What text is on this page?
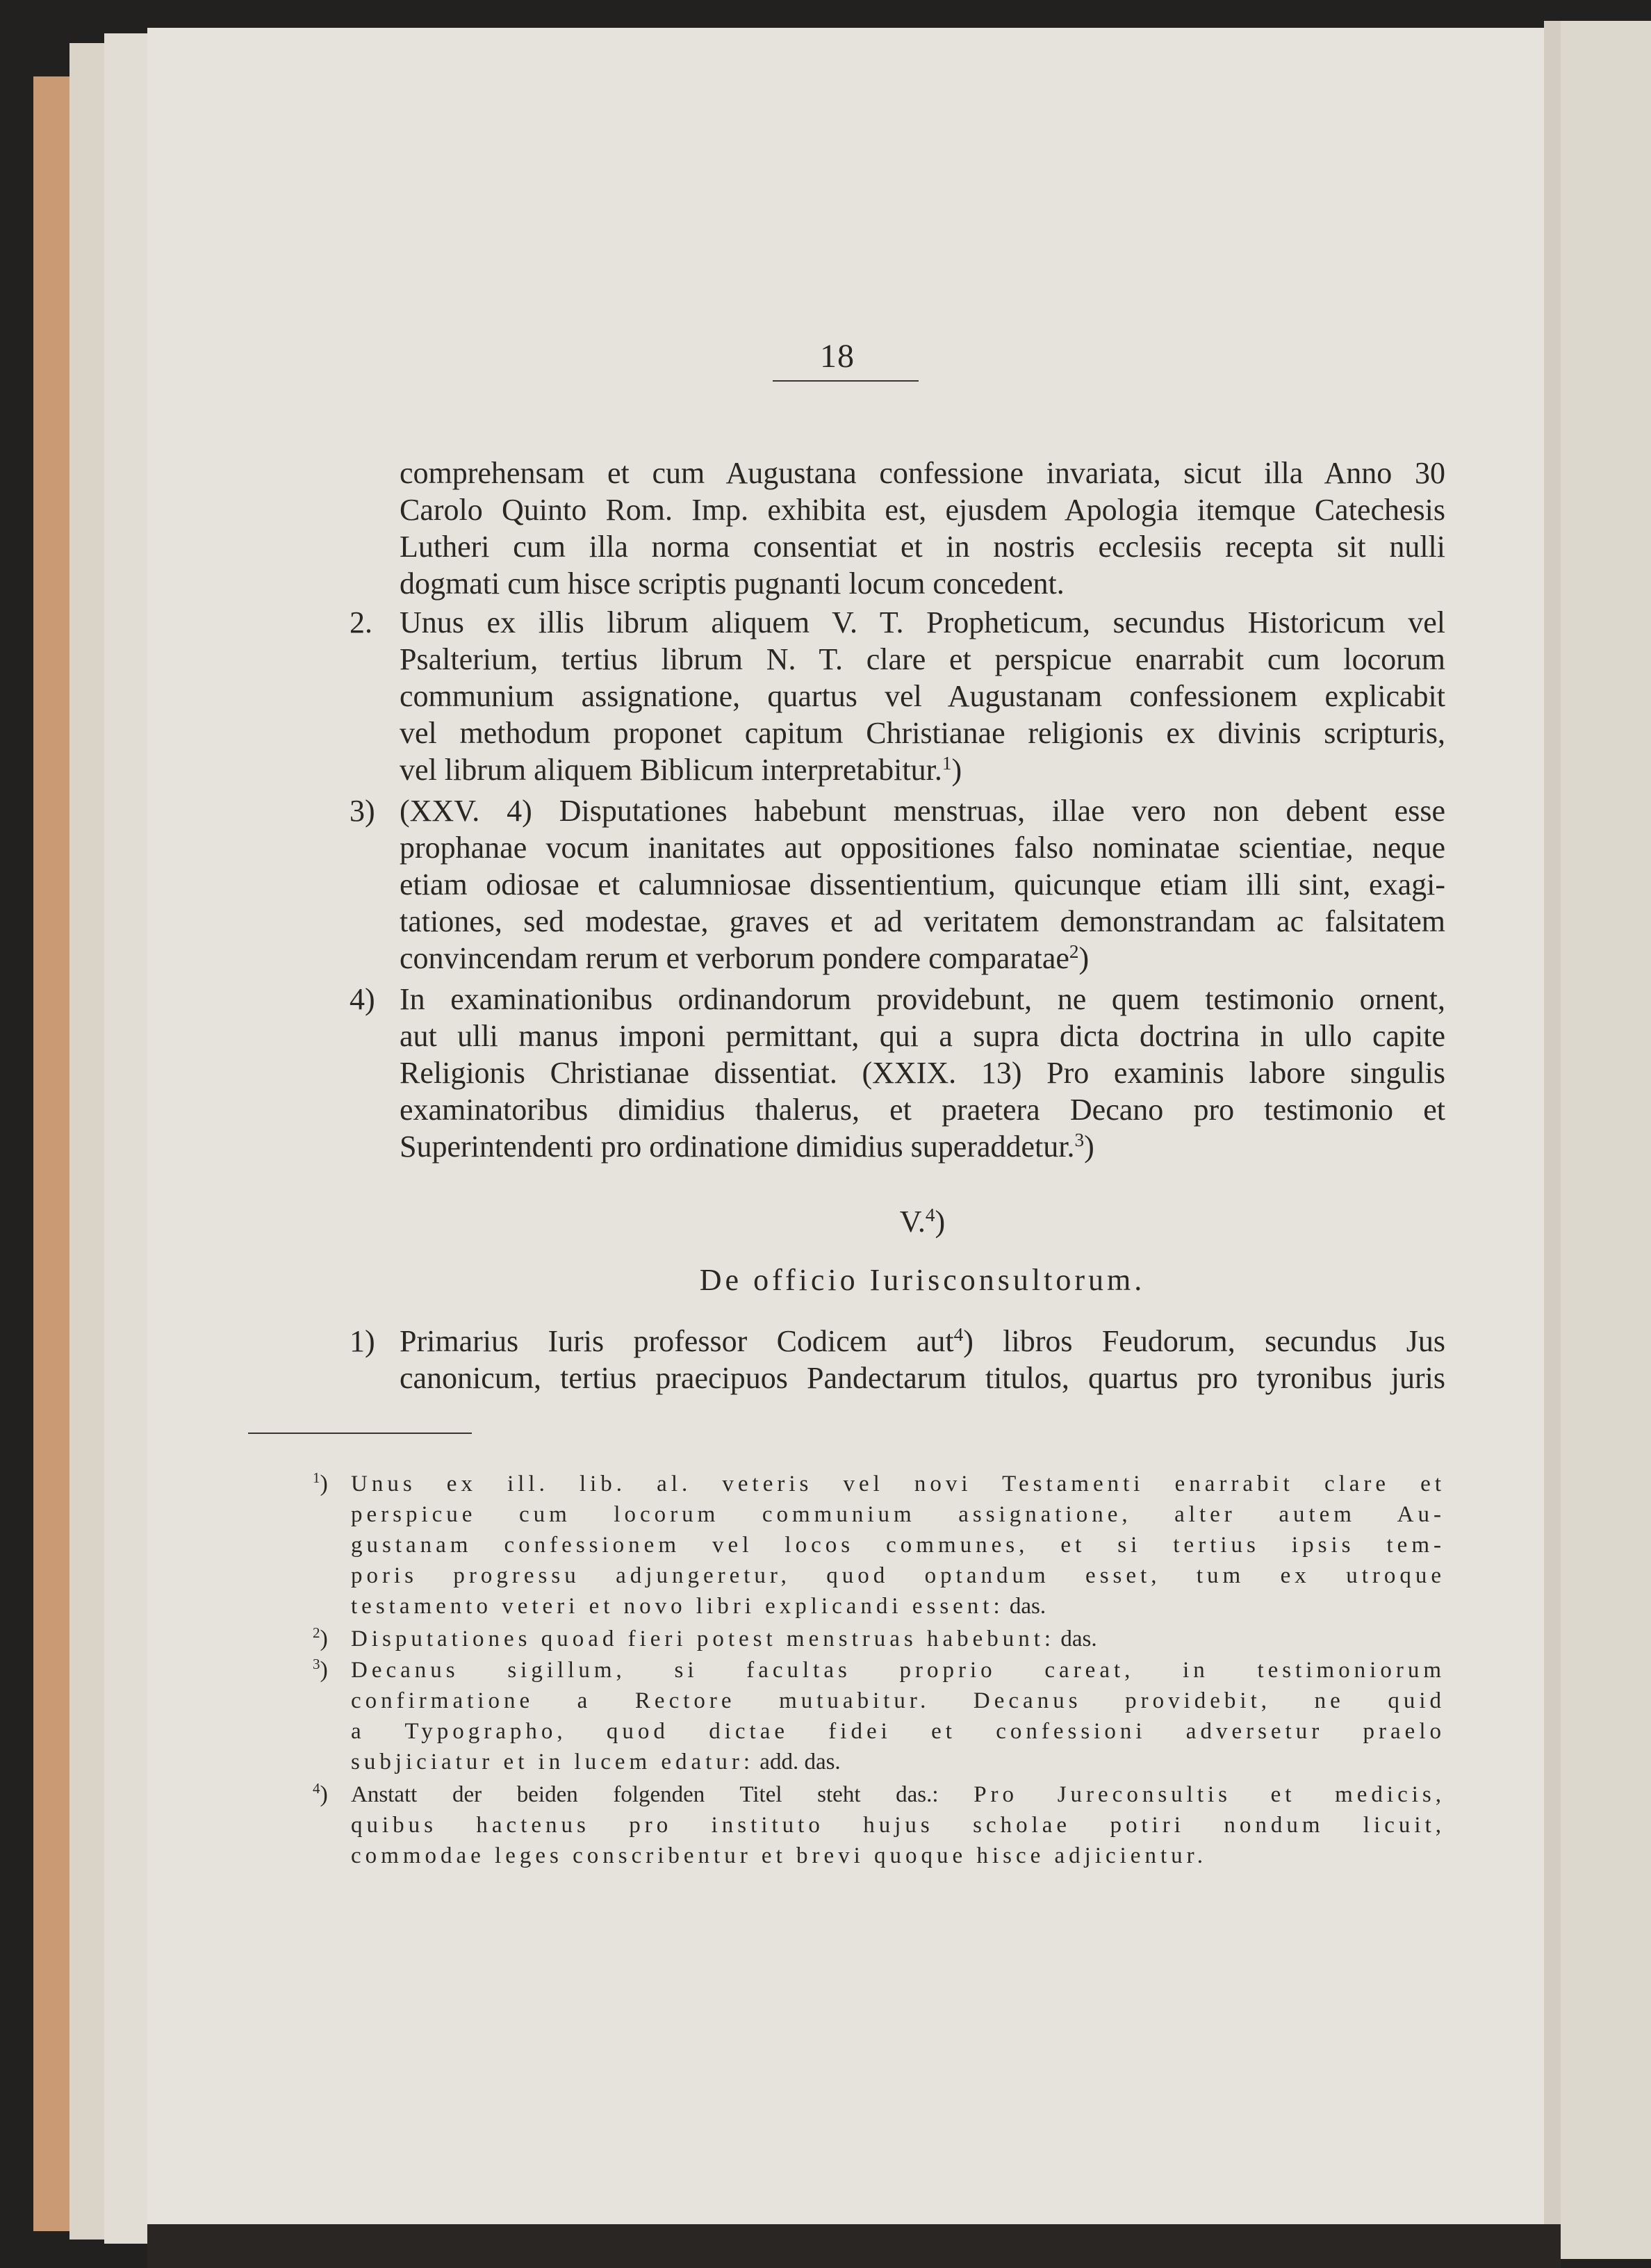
18
comprehensam et cum Augustana confessione invariata, sicut illa Anno 30
Carolo Quinto Rom. Imp. exhibita est, ejusdem Apologia itemque Catechesis
Lutheri cum illa norma consentiat et in nostris ecclesiis recepta sit nulli
dogmati cum hisce scriptis pugnanti locum concedent.
2. Unus ex illis librum aliquem V. T. Propheticum, secundus Historicum vel
Psalterium, tertius librum N. T. clare et perspicue enarrabit cum locorum
communium assignatione, quartus vel Augustanam confessionem explicabit
vel methodum proponet capitum Christianae religionis ex divinis scripturis,
vel librum aliquem Biblicum interpretabitur.$^1$)
3) (XXV. 4) Disputationes habebunt menstruas, illae vero non debent esse
prophanae vocum inanitates aut oppositiones falso nominatae scientiae, neque
etiam odiosae et calumniosae dissentientium, quicunque etiam illi sint, exagi-
tationes, sed modestae, graves et ad veritatem demonstrandam ac falsitatem
convincendam rerum et verborum pondere comparatae$^2$)
4) In examinationibus ordinandorum providebunt, ne quem testimonio ornent,
aut ulli manus imponi permittant, qui a supra dicta doctrina in ullo capite
Religionis Christianae dissentiat. (XXIX. 13) Pro examinis labore singulis
examinatoribus dimidius thalerus, et praetera Decano pro testimonio et
Superintendenti pro ordinatione dimidius superaddetur.$^3$)
V.$^4$)
De officio Iurisconsultorum.
1) Primarius Iuris professor Codicem aut$^4$) libros Feudorum, secundus Jus
canonicum, tertius praecipuos Pandectarum titulos, quartus pro tyronibus juris
$^1$) Unus ex ill. lib. al. veteris vel novi Testamenti enarrabit clare et
perspicue cum locorum communium assignatione, alter autem Au-
gustanam confessionem vel locos communes, et si tertius ipsis tem-
poris progressu adjungeretur, quod optandum esset, tum ex utroque
testamento veteri et novo libri explicandi essent: das.
$^2$) Disputationes quoad fieri potest menstruas habebunt: das.
$^3$) Decanus sigillum, si facultas proprio careat, in testimoniorum
confirmatione a Rectore mutuabitur. Decanus providebit, ne quid
a Typographo, quod dictae fidei et confessioni adversetur praelo
subjiciatur et in lucem edatur: add. das.
$^4$) Anstatt der beiden folgenden Titel steht das.: Pro Jureconsultis et medicis,
quibus hactenus pro instituto hujus scholae potiri nondum licuit,
commodae leges conscribentur et brevi quoque hisce adjicientur.
